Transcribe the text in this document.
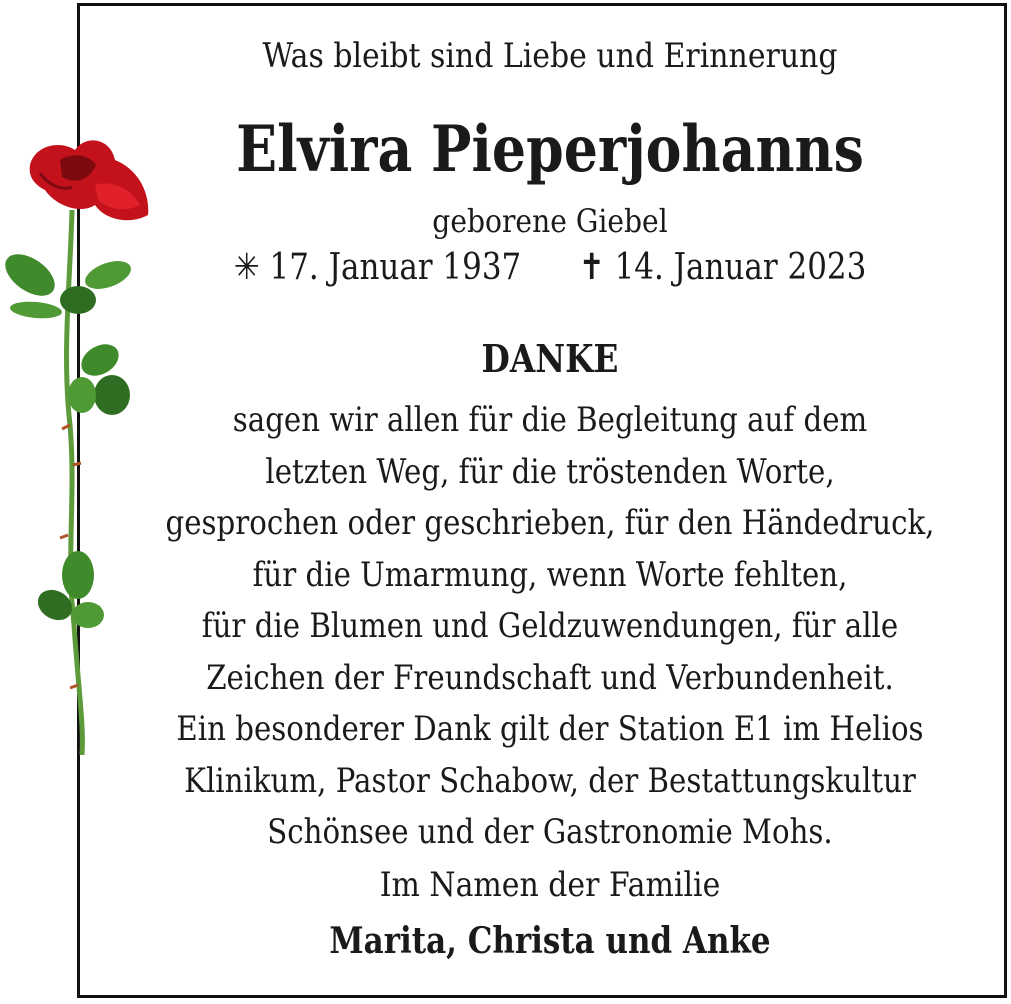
Was bleibt sind Liebe und Erinnerung
Elvira Pieperjohanns
geborene Giebel
✳ 17. Januar 1937 ✝ 14. Januar 2023
DANKE
sagen wir allen für die Begleitung auf dem
letzten Weg, für die tröstenden Worte,
gesprochen oder geschrieben, für den Händedruck,
für die Umarmung, wenn Worte fehlten,
für die Blumen und Geldzuwendungen, für alle
Zeichen der Freundschaft und Verbundenheit.
Ein besonderer Dank gilt der Station E1 im Helios
Klinikum, Pastor Schabow, der Bestattungskultur
Schönsee und der Gastronomie Mohs.
Im Namen der Familie
Marita, Christa und Anke
